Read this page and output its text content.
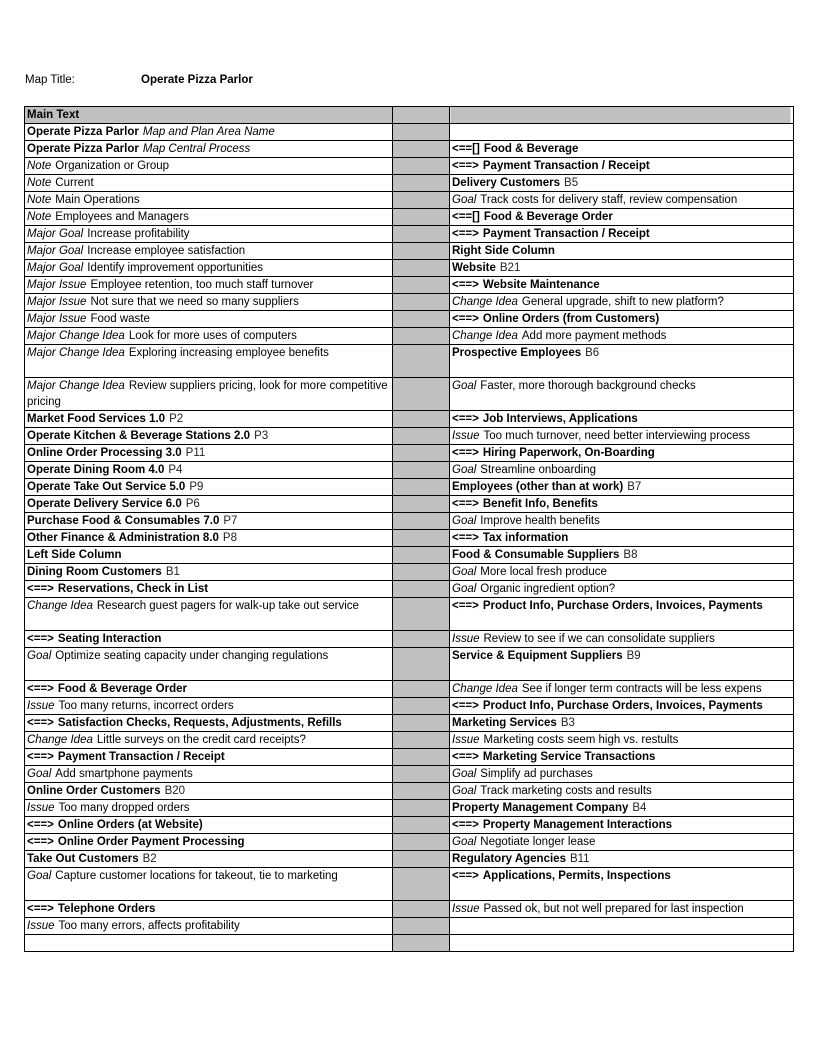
Map Title:	Operate Pizza Parlor
Main Text		
Operate Pizza Parlor Map and Plan Area Name		
Operate Pizza Parlor Map Central Process		<==[] Food & Beverage
Note Organization or Group		<==> Payment Transaction / Receipt
Note Current		Delivery Customers B5
Note Main Operations		Goal Track costs for delivery staff, review compensation
Note Employees and Managers		<==[] Food & Beverage Order
Major Goal Increase profitability		<==> Payment Transaction / Receipt
Major Goal Increase employee satisfaction		Right Side Column
Major Goal Identify improvement opportunities		Website B21
Major Issue Employee retention, too much staff turnover		<==> Website Maintenance
Major Issue Not sure that we need so many suppliers		Change Idea General upgrade, shift to new platform?
Major Issue Food waste		<==> Online Orders (from Customers)
Major Change Idea Look for more uses of computers		Change Idea Add more payment methods
Major Change Idea Exploring increasing employee benefits		Prospective Employees B6
Major Change Idea Review suppliers pricing, look for more competitive pricing		Goal Faster, more thorough background checks
Market Food Services 1.0 P2		<==> Job Interviews, Applications
Operate Kitchen & Beverage Stations 2.0 P3		Issue Too much turnover, need better interviewing process
Online Order Processing 3.0 P11		<==> Hiring Paperwork, On-Boarding
Operate Dining Room 4.0 P4		Goal Streamline onboarding
Operate Take Out Service 5.0 P9		Employees (other than at work) B7
Operate Delivery Service 6.0 P6		<==> Benefit Info, Benefits
Purchase Food & Consumables 7.0 P7		Goal Improve health benefits
Other Finance & Administration 8.0 P8		<==> Tax information
Left Side Column		Food & Consumable Suppliers B8
Dining Room Customers B1		Goal More local fresh produce
<==> Reservations, Check in List		Goal Organic ingredient option?
Change Idea Research guest pagers for walk-up take out service		<==> Product Info, Purchase Orders, Invoices, Payments
<==> Seating Interaction		Issue Review to see if we can consolidate suppliers
Goal Optimize seating capacity under changing regulations		Service & Equipment Suppliers B9
<==> Food & Beverage Order		Change Idea See if longer term contracts will be less expens
Issue Too many returns, incorrect orders		<==> Product Info, Purchase Orders, Invoices, Payments
<==> Satisfaction Checks, Requests, Adjustments, Refills		Marketing Services B3
Change Idea Little surveys on the credit card receipts?		Issue Marketing costs seem high vs. restults
<==> Payment Transaction / Receipt		<==> Marketing Service Transactions
Goal Add smartphone payments		Goal Simplify ad purchases
Online Order Customers B20		Goal Track marketing costs and results
Issue Too many dropped orders		Property Management Company B4
<==> Online Orders (at Website)		<==> Property Management Interactions
<==> Online Order Payment Processing		Goal Negotiate longer lease
Take Out Customers B2		Regulatory Agencies B11
Goal Capture customer locations for takeout, tie to marketing		<==> Applications, Permits, Inspections
<==> Telephone Orders		Issue Passed ok, but not well prepared for last inspection
Issue Too many errors, affects profitability		
